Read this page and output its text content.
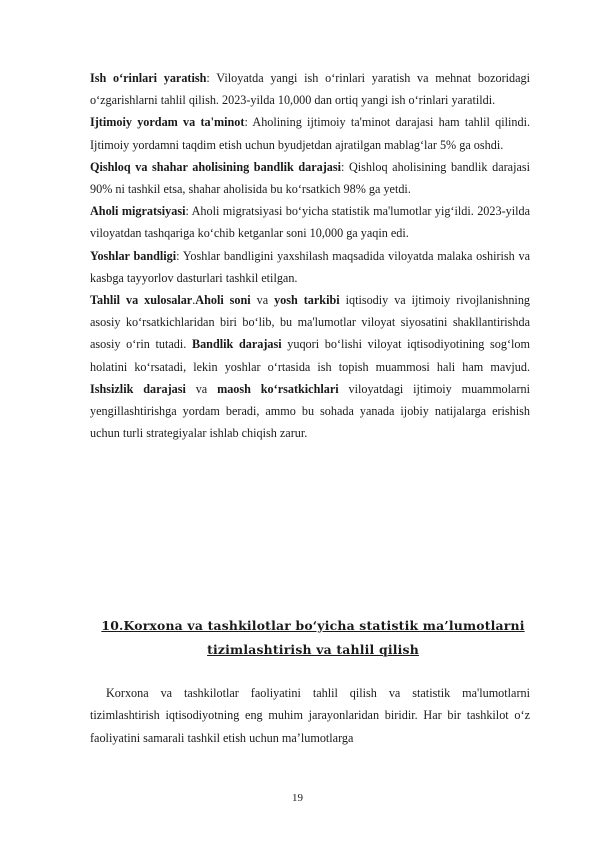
Ish o‘rinlari yaratish: Viloyatda yangi ish o‘rinlari yaratish va mehnat bozoridagi o‘zgarishlarni tahlil qilish. 2023-yilda 10,000 dan ortiq yangi ish o‘rinlari yaratildi.

Ijtimoiy yordam va ta'minot: Aholining ijtimoiy ta'minot darajasi ham tahlil qilindi. Ijtimoiy yordamni taqdim etish uchun byudjetdan ajratilgan mablag‘lar 5% ga oshdi.

Qishloq va shahar aholisining bandlik darajasi: Qishloq aholisining bandlik darajasi 90% ni tashkil etsa, shahar aholisida bu ko‘rsatkich 98% ga yetdi.

Aholi migratsiyasi: Aholi migratsiyasi bo‘yicha statistik ma'lumotlar yig‘ildi. 2023-yilda viloyatdan tashqariga ko‘chib ketganlar soni 10,000 ga yaqin edi.

Yoshlar bandligi: Yoshlar bandligini yaxshilash maqsadida viloyatda malaka oshirish va kasbga tayyorlov dasturlari tashkil etilgan.

Tahlil va xulosalar.Aholi soni va yosh tarkibi iqtisodiy va ijtimoiy rivojlanishning asosiy ko‘rsatkichlaridan biri bo‘lib, bu ma'lumotlar viloyat siyosatini shakllantirishda asosiy o‘rin tutadi. Bandlik darajasi yuqori bo‘lishi viloyat iqtisodiyotining sog‘lom holatini ko‘rsatadi, lekin yoshlar o‘rtasida ish topish muammosi hali ham mavjud. Ishsizlik darajasi va maosh ko‘rsatkichlari viloyatdagi ijtimoiy muammolarni yengillashtirishga yordam beradi, ammo bu sohada yanada ijobiy natijalarga erishish uchun turli strategiyalar ishlab chiqish zarur.

10.Korxona va tashkilotlar bo‘yicha statistik ma’lumotlarni tizimlashtirish va tahlil qilish

Korxona va tashkilotlar faoliyatini tahlil qilish va statistik ma'lumotlarni tizimlashtirish iqtisodiyotning eng muhim jarayonlaridan biridir. Har bir tashkilot o‘z faoliyatini samarali tashkil etish uchun ma’lumotlarga

19
